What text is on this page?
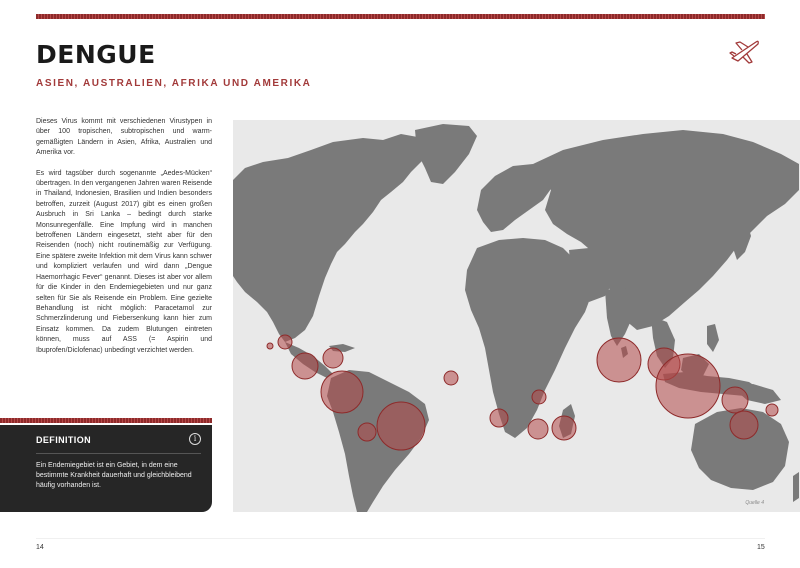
DENGUE
ASIEN, AUSTRALIEN, AFRIKA UND AMERIKA

Dieses Virus kommt mit verschiedenen Virustypen in über 100 tropischen, subtropischen und warm-gemäßigten Ländern in Asien, Afrika, Australien und Amerika vor.

Es wird tagsüber durch sogenannte „Aedes-Mücken“ übertragen. In den vergangenen Jahren waren Reisende in Thailand, Indonesien, Brasilien und Indien besonders betroffen, zurzeit (August 2017) gibt es einen großen Ausbruch in Sri Lanka – bedingt durch starke Monsunregenfälle. Eine Impfung wird in manchen betroffenen Ländern eingesetzt, steht aber für den Reisenden (noch) nicht routinemäßig zur Verfügung. Eine spätere zweite Infektion mit dem Virus kann schwer und kompliziert verlaufen und wird dann „Dengue Haemorrhagic Fever“ genannt. Dieses ist aber vor allem für die Kinder in den Endemiegebieten und nur ganz selten für Sie als Reisende ein Problem. Eine gezielte Behandlung ist nicht möglich: Paracetamol zur Schmerzlinderung und Fiebersenkung kann hier zum Einsatz kommen. Da zudem Blutungen eintreten können, muss auf ASS (= Aspirin und Ibuprofen/Diclofenac) unbedingt verzichtet werden.

DEFINITION	i
Ein Endemiegebiet ist ein Gebiet, in dem eine bestimmte Krankheit dauerhaft und gleichbleibend häufig vorhanden ist.
Quelle 4
14	15
